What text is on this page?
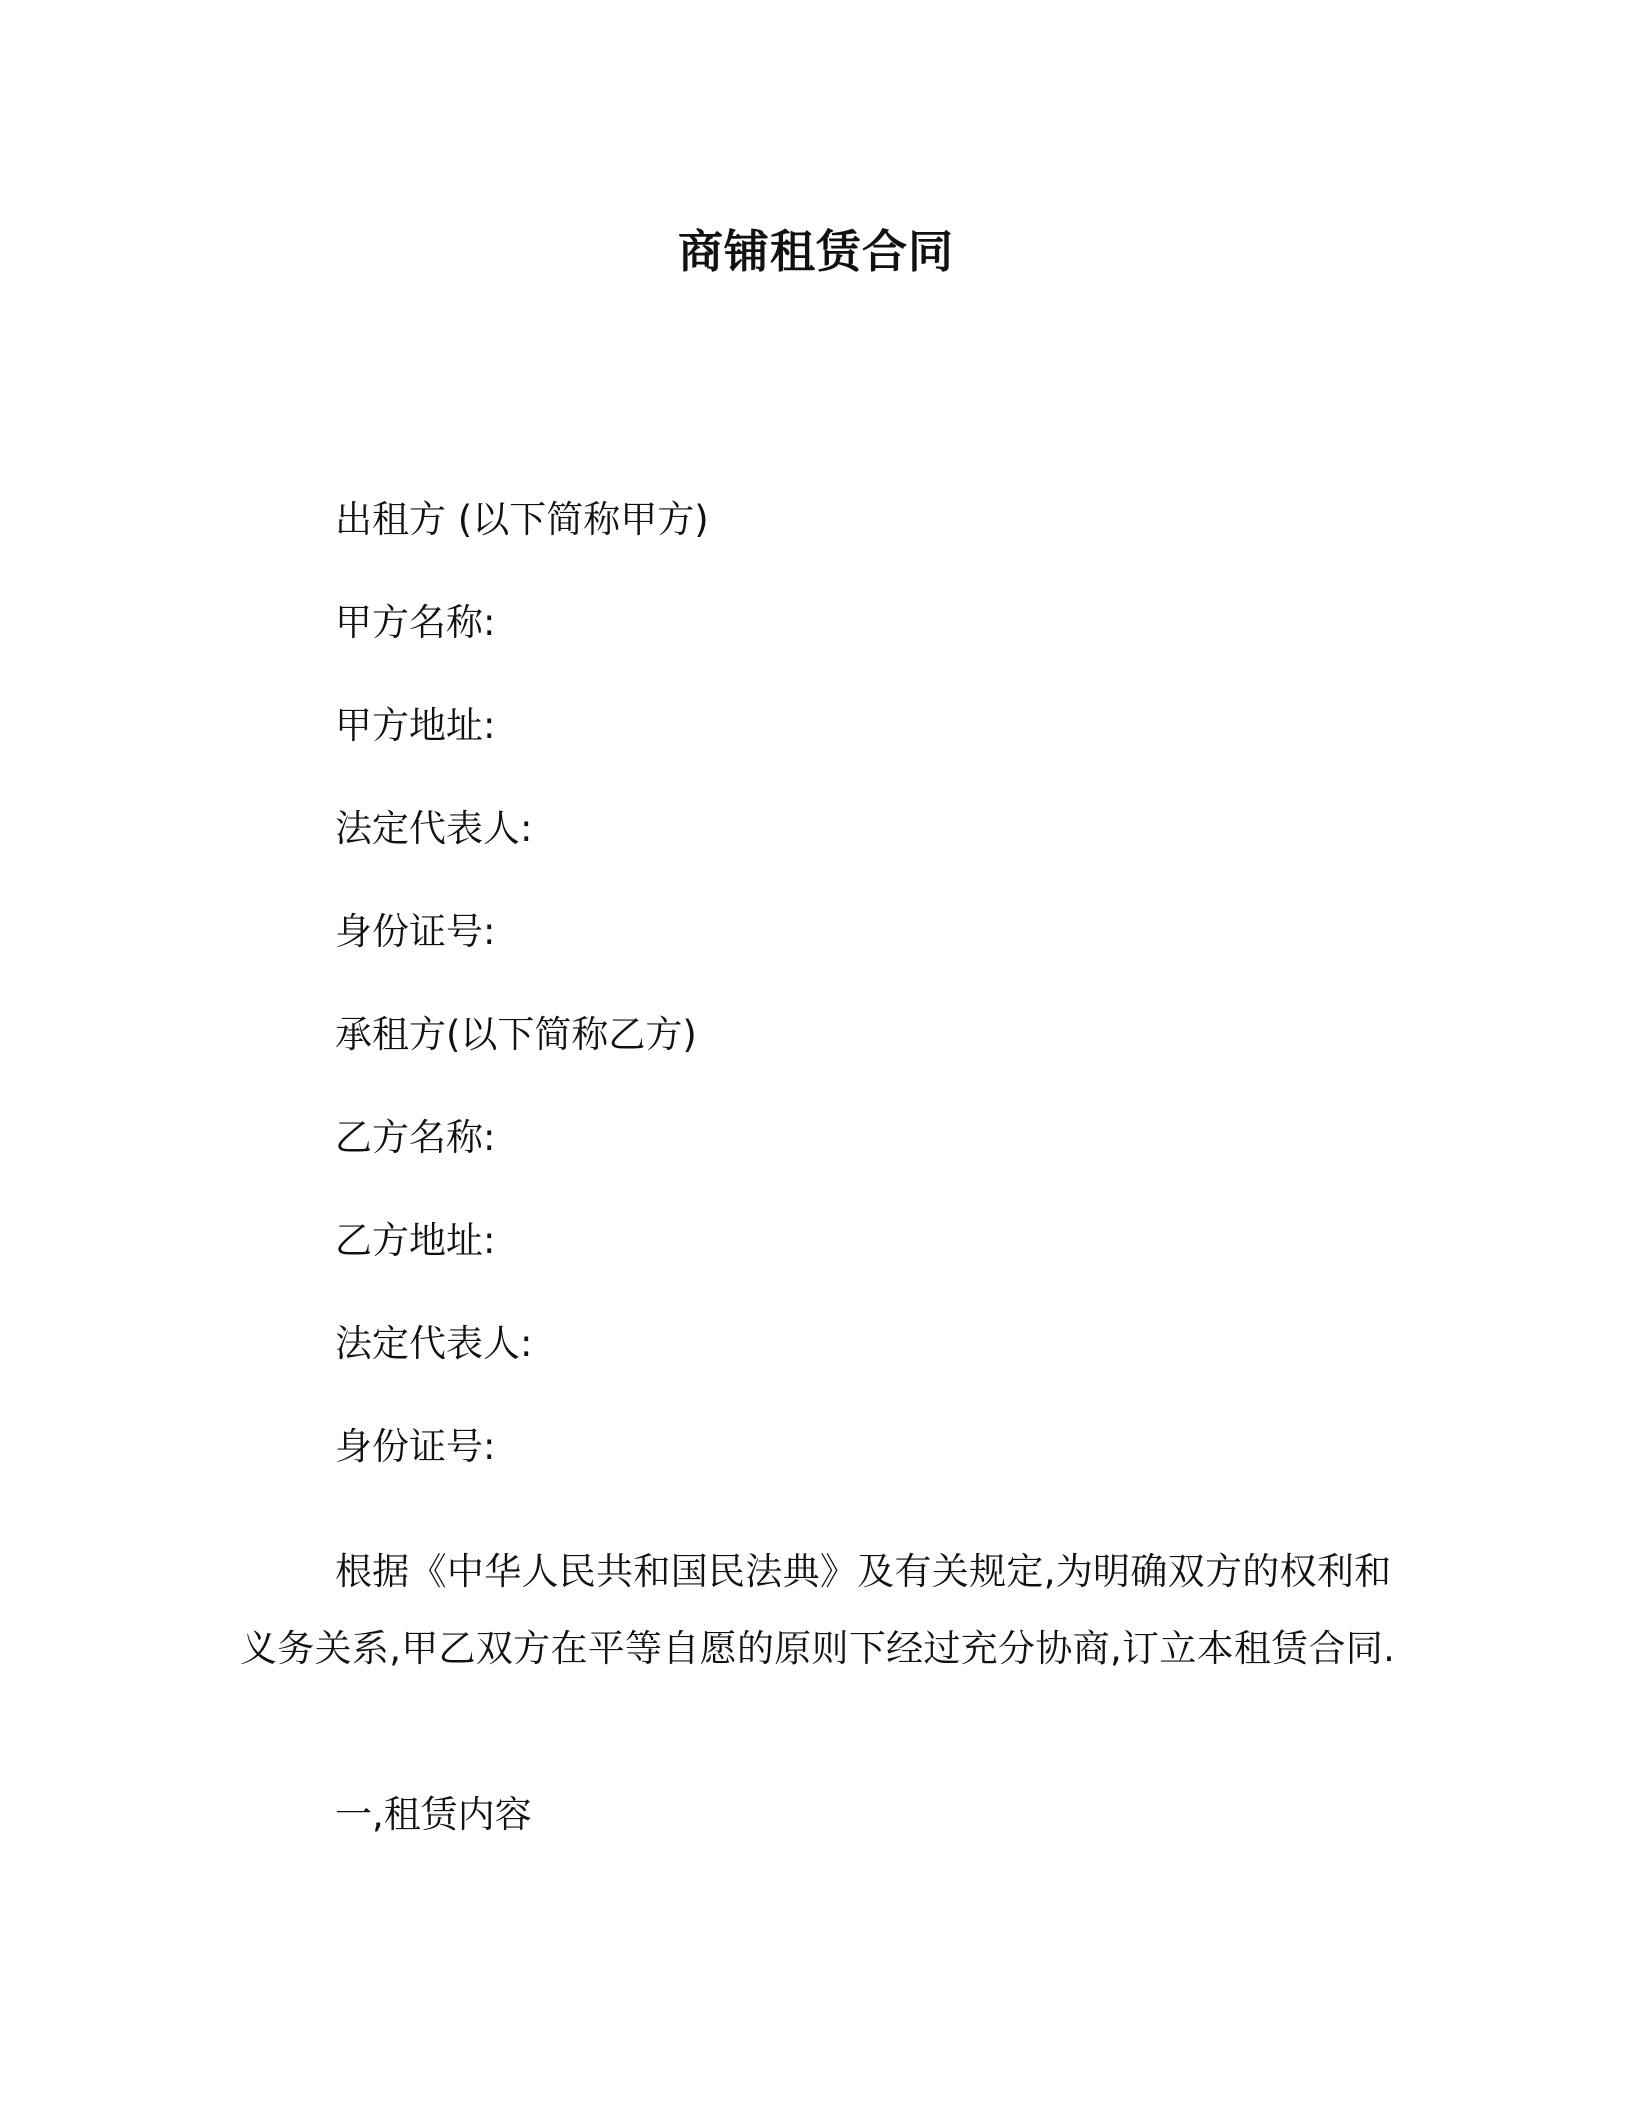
商铺租赁合同

出租方 (以下简称甲方)

甲方名称:

甲方地址:

法定代表人:

身份证号:

承租方(以下简称乙方)

乙方名称:

乙方地址:

法定代表人:

身份证号:

根据《中华人民共和国民法典》及有关规定,为明确双方的权利和义务关系,甲乙双方在平等自愿的原则下经过充分协商,订立本租赁合同.

一,租赁内容
